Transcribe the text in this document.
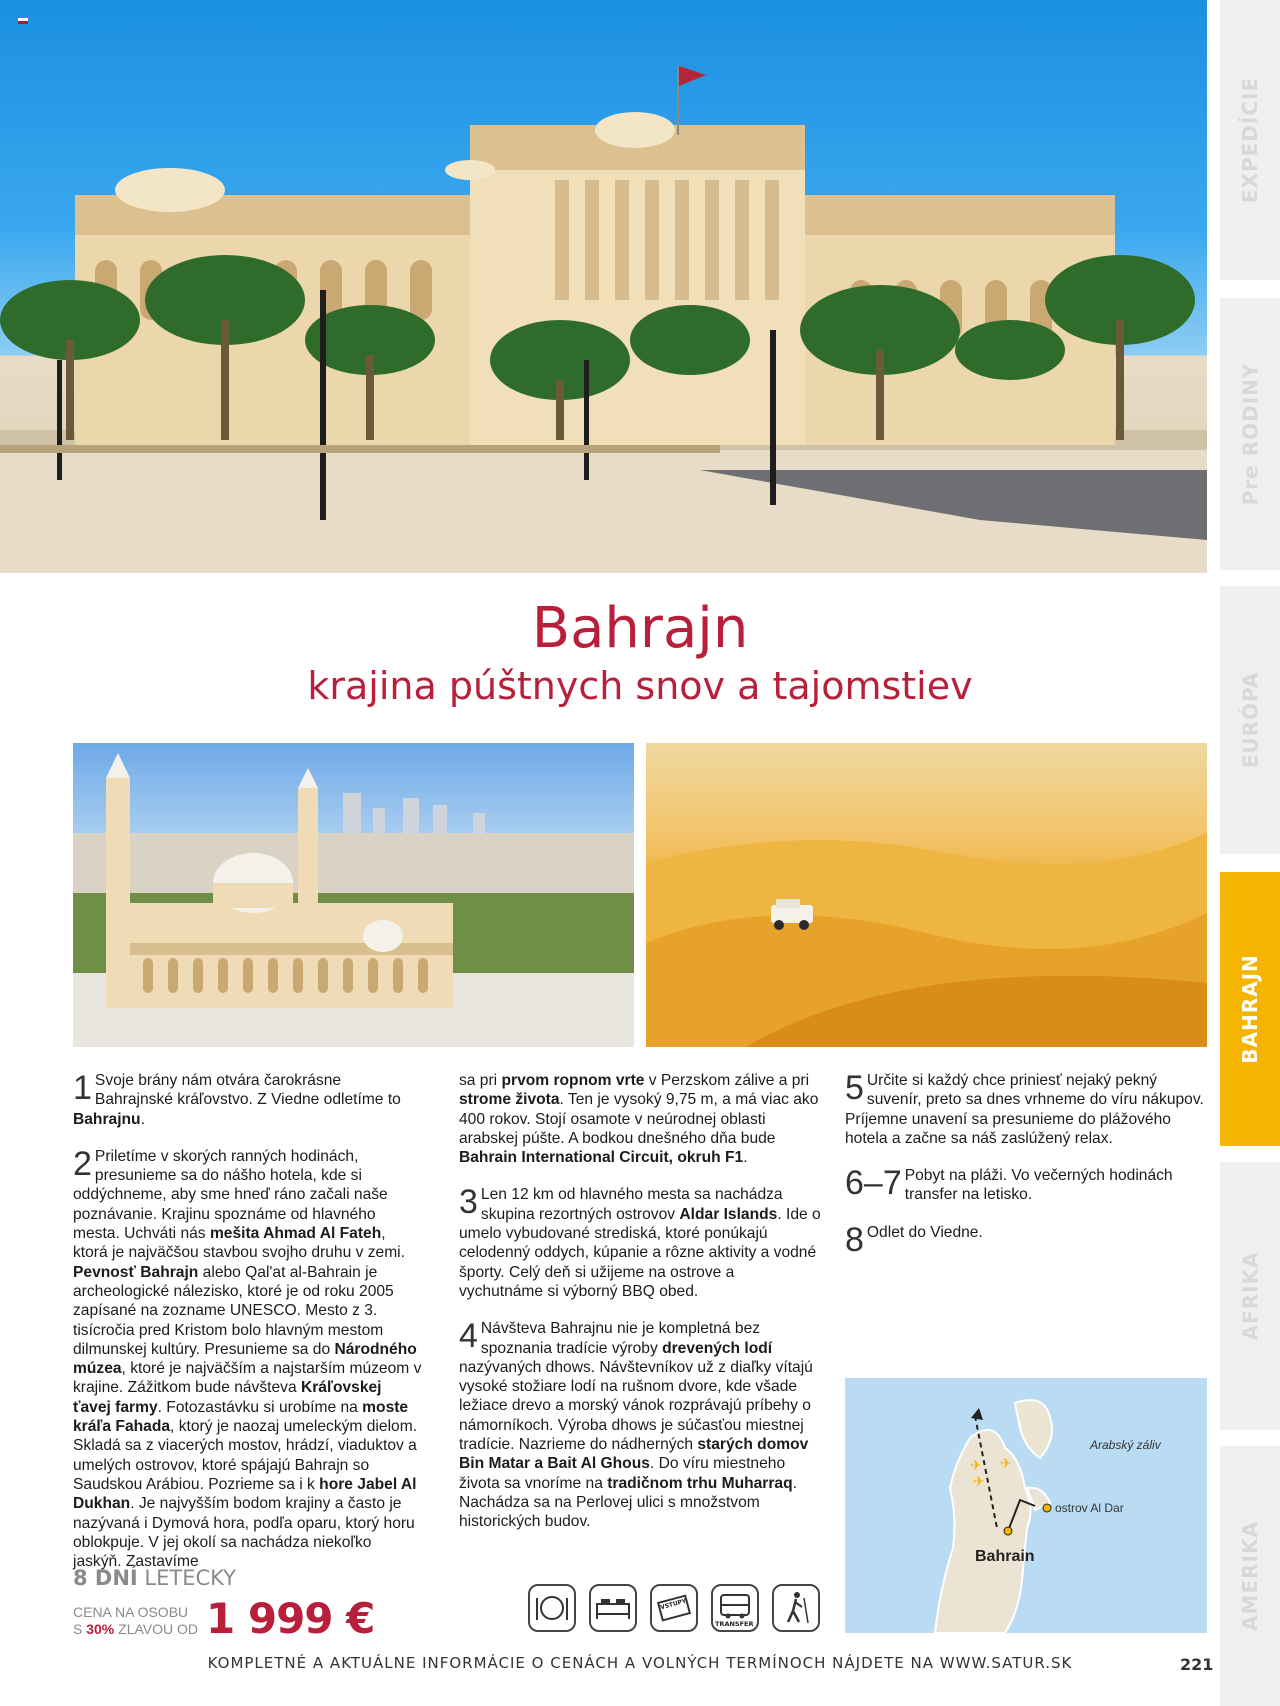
EXPEDÍCIE
Pre RODINY
EURÓPA
BAHRAJN
AFRIKA
AMERIKA
Bahrajn
krajina púštnych snov a tajomstiev

1 Svoje brány nám otvára čarokrásne Bahrajnské kráľovstvo. Z Viedne odletíme to Bahrajnu.

2 Priletíme v skorých ranných hodinách, presunieme sa do nášho hotela, kde si oddýchneme, aby sme hneď ráno začali naše poznávanie. Krajinu spoznáme od hlavného mesta. Uchváti nás mešita Ahmad Al Fateh, ktorá je najväčšou stavbou svojho druhu v zemi. Pevnosť Bahrajn alebo Qal'at al-Bahrain je archeologické nálezisko, ktoré je od roku 2005 zapísané na zozname UNESCO. Mesto z 3. tisícročia pred Kristom bolo hlavným mestom dilmunskej kultúry. Presunieme sa do Národného múzea, ktoré je najväčším a najstarším múzeom v krajine. Zážitkom bude návšteva Kráľovskej ťavej farmy. Fotozastávku si urobíme na moste kráľa Fahada, ktorý je naozaj umeleckým dielom. Skladá sa z viacerých mostov, hrádzí, viaduktov a umelých ostrovov, ktoré spájajú Bahrajn so Saudskou Arábiou. Pozrieme sa i k hore Jabel Al Dukhan. Je najvyšším bodom krajiny a často je nazývaná i Dymová hora, podľa oparu, ktorý horu oblokpuje. V jej okolí sa nachádza niekoľko jaskýň. Zastavíme

sa pri prvom ropnom vrte v Perzskom zálive a pri strome života. Ten je vysoký 9,75 m, a má viac ako 400 rokov. Stojí osamote v neúrodnej oblasti arabskej púšte. A bodkou dnešného dňa bude Bahrain International Circuit, okruh F1.

3 Len 12 km od hlavného mesta sa nachádza skupina rezortných ostrovov Aldar Islands. Ide o umelo vybudované strediská, ktoré ponúkajú celodenný oddych, kúpanie a rôzne aktivity a vodné športy. Celý deň si užijeme na ostrove a vychutnáme si výborný BBQ obed.

4 Návšteva Bahrajnu nie je kompletná bez spoznania tradície výroby drevených lodí nazývaných dhows. Návštevníkov už z diaľky vítajú vysoké stožiare lodí na rušnom dvore, kde všade ležiace drevo a morský vánok rozprávajú príbehy o námorníkoch. Výroba dhows je súčasťou miestnej tradície. Nazrieme do nádherných starých domov Bin Matar a Bait Al Ghous. Do víru miestneho života sa vnoríme na tradičnom trhu Muharraq. Nachádza sa na Perlovej ulici s množstvom historických budov.

5 Určite si každý chce priniesť nejaký pekný suvenír, preto sa dnes vrhneme do víru nákupov. Príjemne unavení sa presunieme do plážového hotela a začne sa náš zaslúžený relax.

6–7 Pobyt na pláži. Vo večerných hodinách transfer na letisko.

8 Odlet do Viedne.

✈ ✈
✈
Arabský záliv
ostrov Al Dar
Bahrain
8 DNÍ LETECKY
CENA NA OSOBU
S 30% ZLAVOU OD 1 999 €	VSTUPY
TRANSFER
KOMPLETNÉ A AKTUÁLNE INFORMÁCIE O CENÁCH A VOLNÝCH TERMÍNOCH NÁJDETE NA WWW.SATUR.SK	221
